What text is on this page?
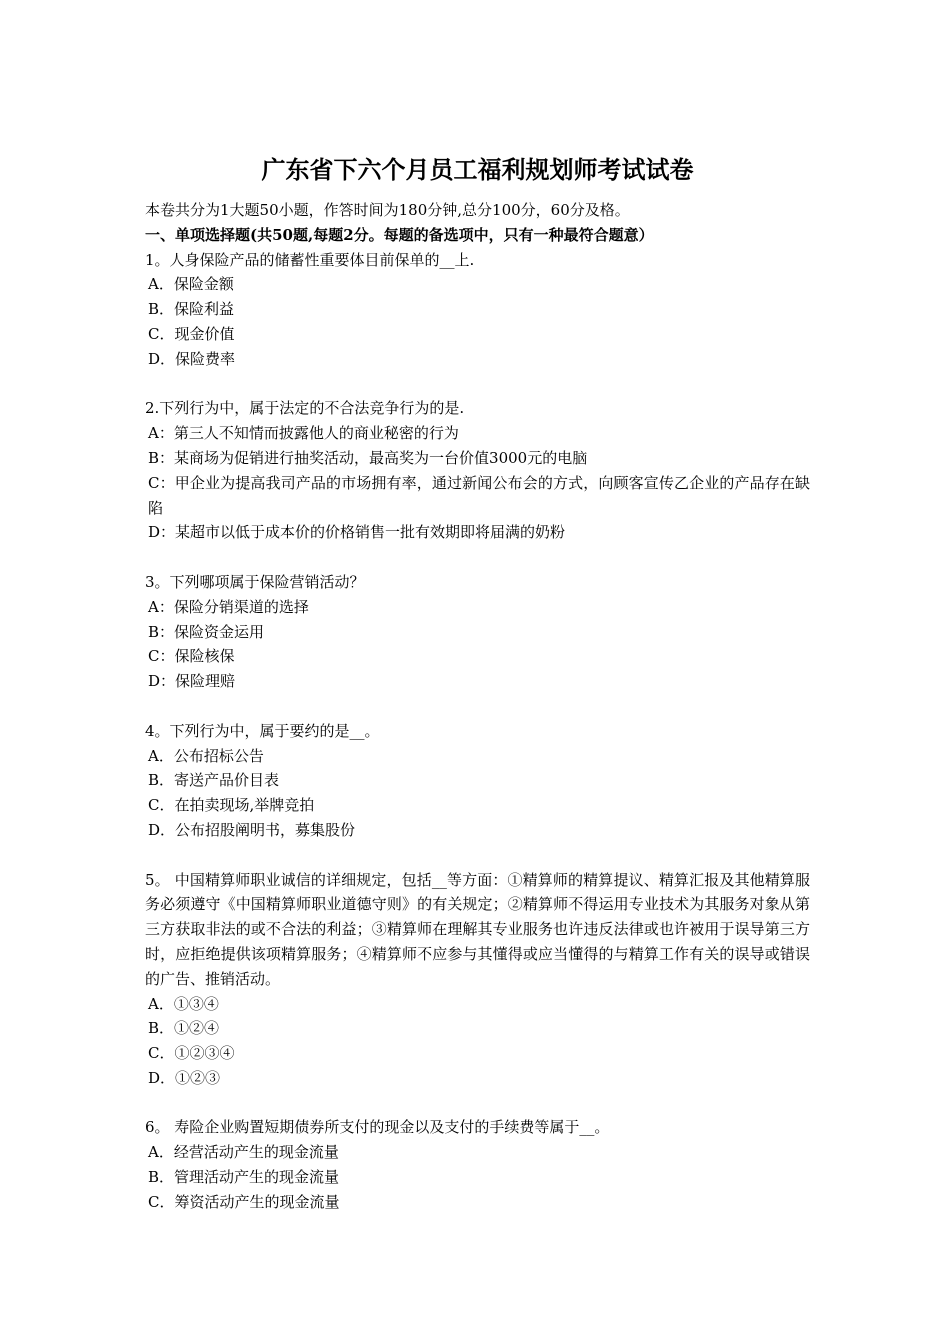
广东省下六个月员工福利规划师考试试卷
本卷共分为1大题50小题，作答时间为180分钟,总分100分，60分及格。
一、单项选择题(共50题,每题2分。每题的备选项中，只有一种最符合题意）
1。人身保险产品的储蓄性重要体目前保单的__上.
A．保险金额
B．保险利益
C．现金价值
D．保险费率
2.下列行为中，属于法定的不合法竞争行为的是.
A：第三人不知情而披露他人的商业秘密的行为
B：某商场为促销进行抽奖活动，最高奖为一台价值3000元的电脑
C：甲企业为提高我司产品的市场拥有率，通过新闻公布会的方式，向顾客宣传乙企业的产品存在缺陷
D：某超市以低于成本价的价格销售一批有效期即将届满的奶粉
3。下列哪项属于保险营销活动？
A：保险分销渠道的选择
B：保险资金运用
C：保险核保
D：保险理赔
4。下列行为中，属于要约的是__。
A．公布招标公告
B．寄送产品价目表
C．在拍卖现场,举牌竞拍
D．公布招股阐明书，募集股份
5。 中国精算师职业诚信的详细规定，包括__等方面：①精算师的精算提议、精算汇报及其他精算服务必须遵守《中国精算师职业道德守则》的有关规定；②精算师不得运用专业技术为其服务对象从第三方获取非法的或不合法的利益；③精算师在理解其专业服务也许违反法律或也许被用于误导第三方时，应拒绝提供该项精算服务；④精算师不应参与其懂得或应当懂得的与精算工作有关的误导或错误的广告、推销活动。
A．①③④
B．①②④
C．①②③④
D．①②③
6。 寿险企业购置短期债券所支付的现金以及支付的手续费等属于__。
A．经营活动产生的现金流量
B．管理活动产生的现金流量
C．筹资活动产生的现金流量
